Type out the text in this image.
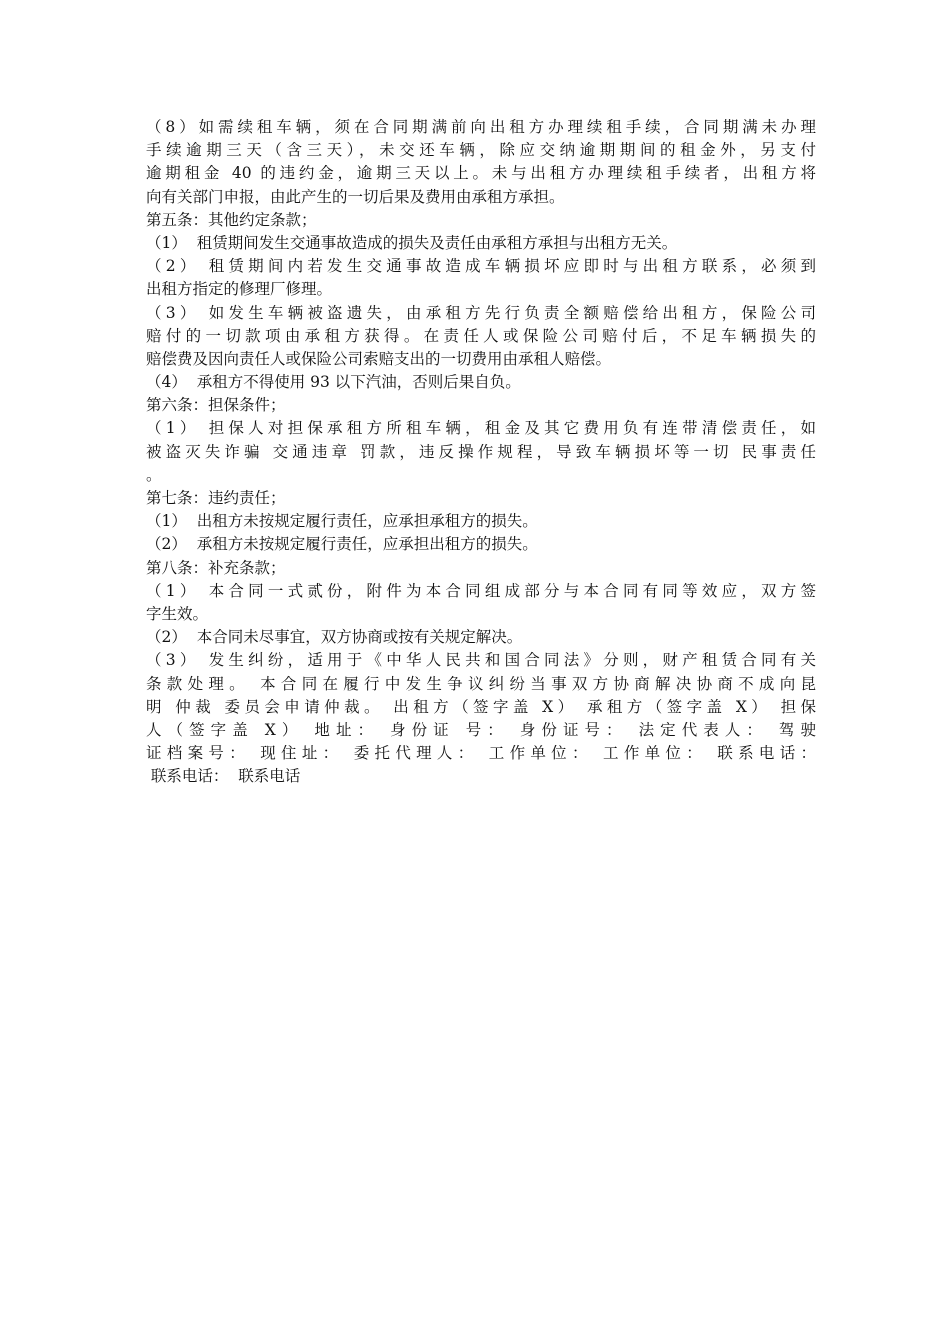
（8）如需续租车辆，须在合同期满前向出租方办理续租手续，合同期满未办理
手续逾期三天（含三天），未交还车辆，除应交纳逾期期间的租金外，另支付
逾期租金 40 的违约金，逾期三天以上。未与出租方办理续租手续者，出租方将
向有关部门申报，由此产生的一切后果及费用由承租方承担。
第五条：其他约定条款；
（1）  租赁期间发生交通事故造成的损失及责任由承租方承担与出租方无关。
（2） 租赁期间内若发生交通事故造成车辆损坏应即时与出租方联系，必须到
出租方指定的修理厂修理。
（3） 如发生车辆被盗遗失，由承租方先行负责全额赔偿给出租方，保险公司
赔付的一切款项由承租方获得。在责任人或保险公司赔付后，不足车辆损失的
赔偿费及因向责任人或保险公司索赔支出的一切费用由承租人赔偿。
（4）  承租方不得使用 93 以下汽油，否则后果自负。
第六条：担保条件；
（1） 担保人对担保承租方所租车辆，租金及其它费用负有连带清偿责任，如
被盗灭失诈骗 交通违章 罚款，违反操作规程，导致车辆损坏等一切 民事责任
。
第七条：违约责任；
（1）  出租方未按规定履行责任，应承担承租方的损失。
（2）  承租方未按规定履行责任，应承担出租方的损失。
第八条：补充条款；
（1） 本合同一式贰份，附件为本合同组成部分与本合同有同等效应，双方签
字生效。
（2）  本合同未尽事宜，双方协商或按有关规定解决。
（3） 发生纠纷，适用于《中华人民共和国合同法》分则，财产租赁合同有关
条款处理。 本合同在履行中发生争议纠纷当事双方协商解决协商不成向昆
明 仲裁 委员会申请仲裁。 出租方（签字盖 X） 承租方（签字盖 X） 担保
人（签字盖 X） 地址： 身份证 号： 身份证号： 法定代表人： 驾驶
证档案号： 现住址： 委托代理人： 工作单位： 工作单位： 联系电话：
联系电话：  联系电话
